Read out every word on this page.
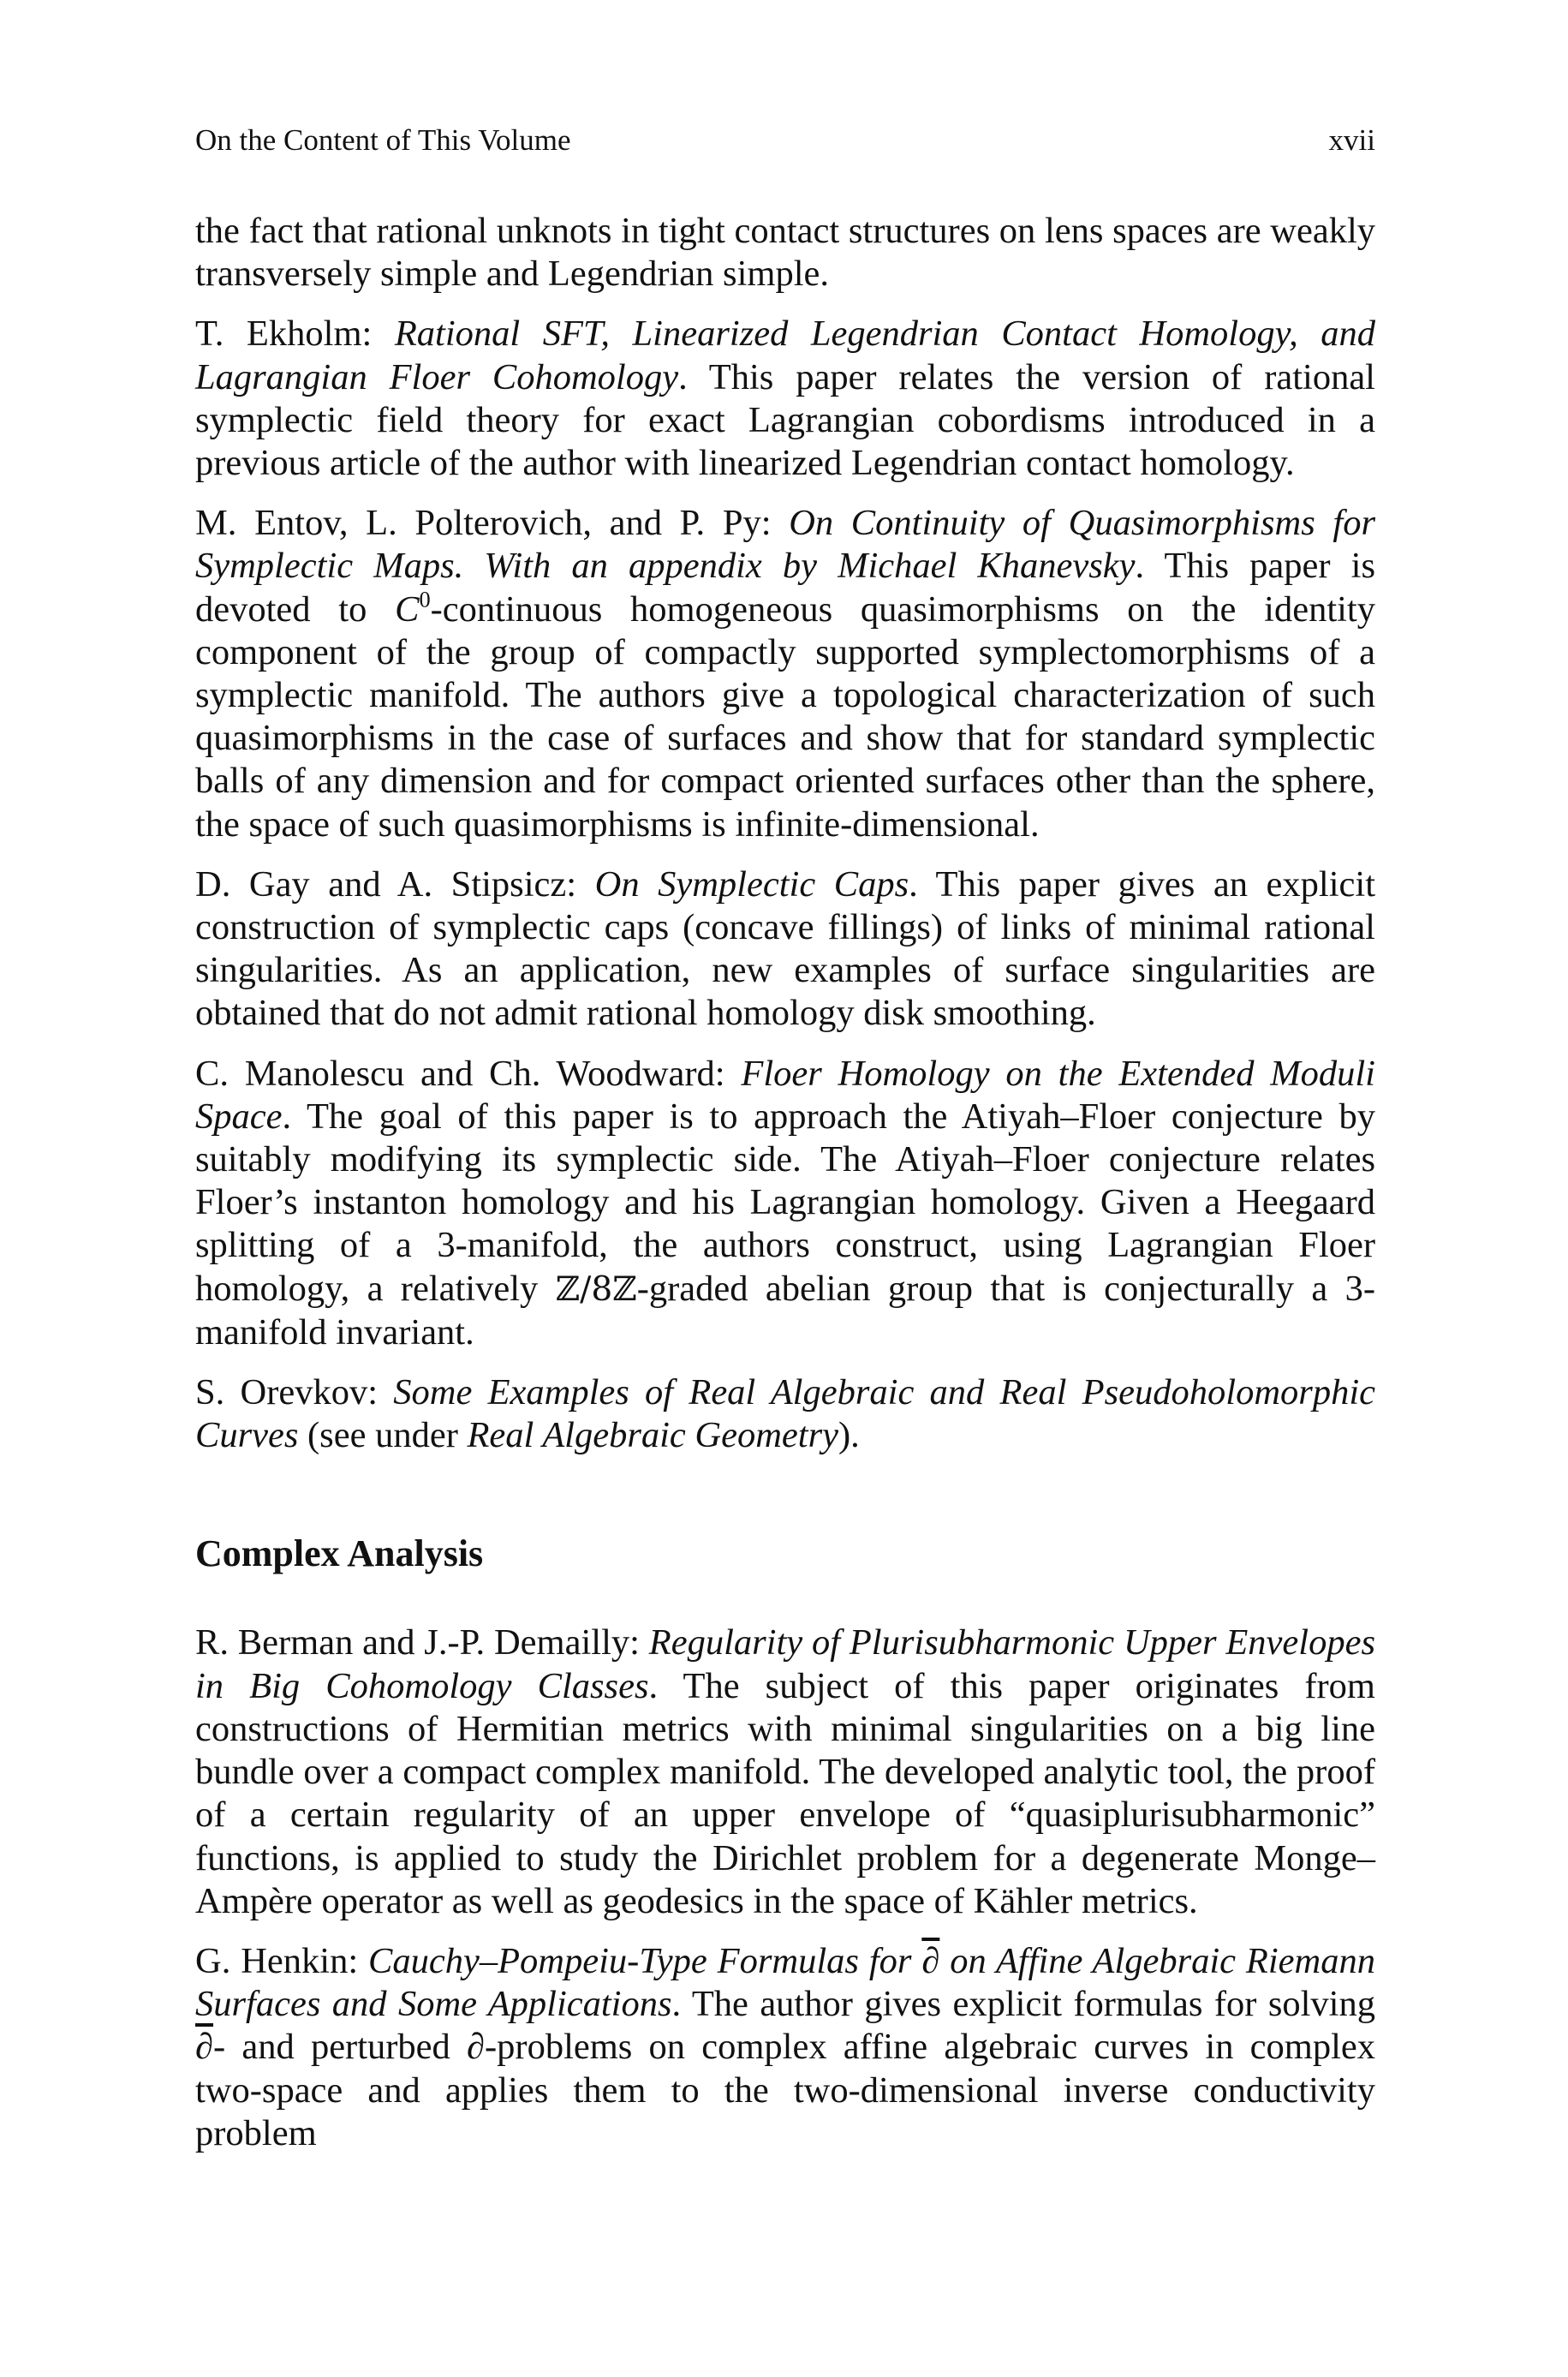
On the Content of This Volume	xvii

the fact that rational unknots in tight contact structures on lens spaces are weakly transversely simple and Legendrian simple.

T. Ekholm: Rational SFT, Linearized Legendrian Contact Homology, and Lagrangian Floer Cohomology. This paper relates the version of rational symplectic field theory for exact Lagrangian cobordisms introduced in a previous article of the author with linearized Legendrian contact homology.

M. Entov, L. Polterovich, and P. Py: On Continuity of Quasimorphisms for Symplectic Maps. With an appendix by Michael Khanevsky. This paper is devoted to $C^0$-continuous homogeneous quasimorphisms on the identity component of the group of compactly supported symplectomorphisms of a symplectic manifold. The authors give a topological characterization of such quasimorphisms in the case of surfaces and show that for standard symplectic balls of any dimension and for compact oriented surfaces other than the sphere, the space of such quasimorphisms is infinite-dimensional.

D. Gay and A. Stipsicz: On Symplectic Caps. This paper gives an explicit construction of symplectic caps (concave fillings) of links of minimal rational singularities. As an application, new examples of surface singularities are obtained that do not admit rational homology disk smoothing.

C. Manolescu and Ch. Woodward: Floer Homology on the Extended Moduli Space. The goal of this paper is to approach the Atiyah–Floer conjecture by suitably modifying its symplectic side. The Atiyah–Floer conjecture relates Floer’s instanton homology and his Lagrangian homology. Given a Heegaard splitting of a 3-manifold, the authors construct, using Lagrangian Floer homology, a relatively ℤ/8ℤ-graded abelian group that is conjecturally a 3-manifold invariant.

S. Orevkov: Some Examples of Real Algebraic and Real Pseudoholomorphic Curves (see under Real Algebraic Geometry).

Complex Analysis

R. Berman and J.-P. Demailly: Regularity of Plurisubharmonic Upper Envelopes in Big Cohomology Classes. The subject of this paper originates from constructions of Hermitian metrics with minimal singularities on a big line bundle over a compact complex manifold. The developed analytic tool, the proof of a certain regularity of an upper envelope of “quasiplurisubharmonic” functions, is applied to study the Dirichlet problem for a degenerate Monge–Ampère operator as well as geodesics in the space of Kähler metrics.

G. Henkin: Cauchy–Pompeiu-Type Formulas for ∂ on Affine Algebraic Riemann Surfaces and Some Applications. The author gives explicit formulas for solving ∂- and perturbed ∂-problems on complex affine algebraic curves in complex two-space and applies them to the two-dimensional inverse conductivity problem
